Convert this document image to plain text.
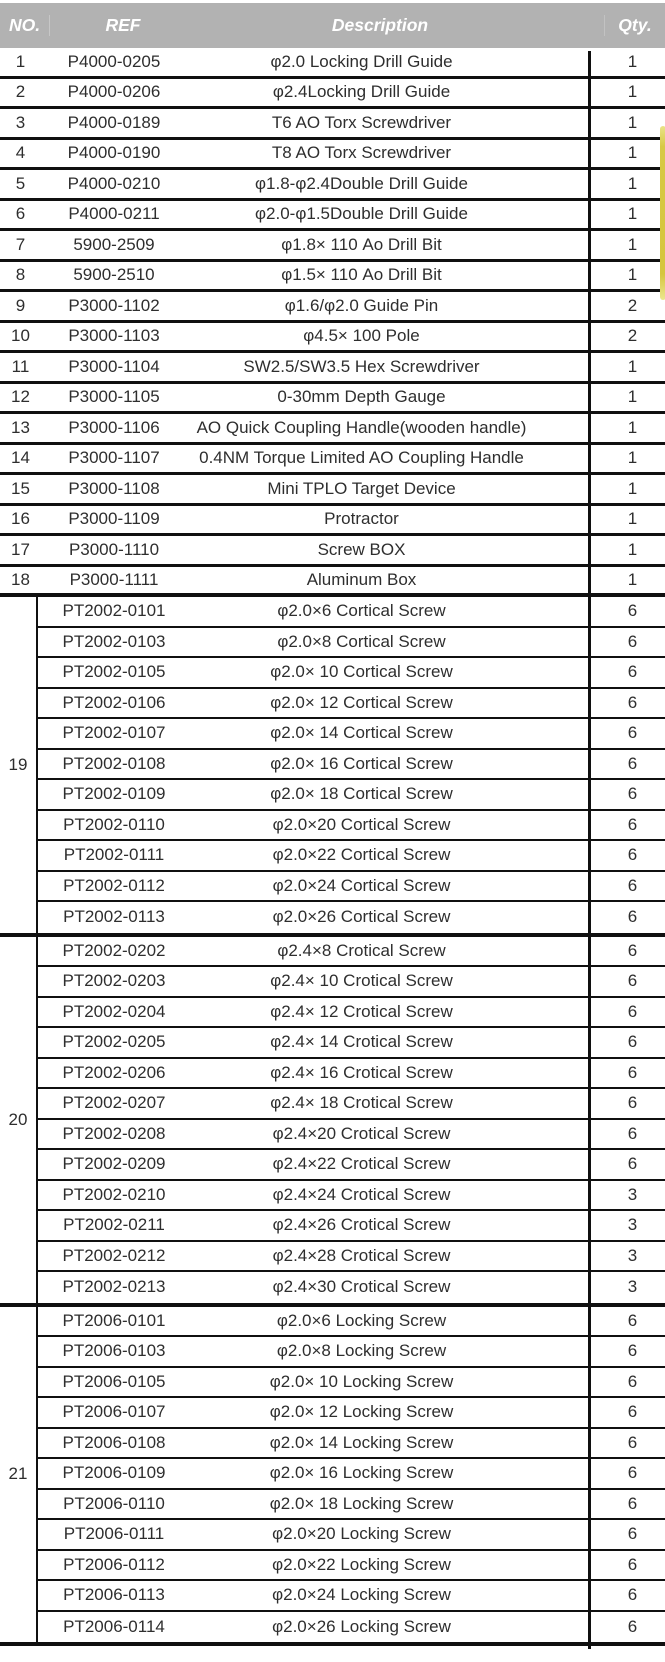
NO.	REF	Description	Qty.
1	P4000-0205	φ2.0 Locking Drill Guide	1
2	P4000-0206	φ2.4Locking Drill Guide	1
3	P4000-0189	T6 AO Torx Screwdriver	1
4	P4000-0190	T8 AO Torx Screwdriver	1
5	P4000-0210	φ1.8-φ2.4Double Drill Guide	1
6	P4000-0211	φ2.0-φ1.5Double Drill Guide	1
7	5900-2509	φ1.8× 110 Ao Drill Bit	1
8	5900-2510	φ1.5× 110 Ao Drill Bit	1
9	P3000-1102	φ1.6/φ2.0 Guide Pin	2
10	P3000-1103	φ4.5× 100 Pole	2
11	P3000-1104	SW2.5/SW3.5 Hex Screwdriver	1
12	P3000-1105	0-30mm Depth Gauge	1
13	P3000-1106	AO Quick Coupling Handle(wooden handle)	1
14	P3000-1107	0.4NM Torque Limited AO Coupling Handle	1
15	P3000-1108	Mini TPLO Target Device	1
16	P3000-1109	Protractor	1
17	P3000-1110	Screw BOX	1
18	P3000-1111	Aluminum Box	1
19
PT2002-0101	φ2.0×6 Cortical Screw	6
PT2002-0103	φ2.0×8 Cortical Screw	6
PT2002-0105	φ2.0× 10 Cortical Screw	6
PT2002-0106	φ2.0× 12 Cortical Screw	6
PT2002-0107	φ2.0× 14 Cortical Screw	6
PT2002-0108	φ2.0× 16 Cortical Screw	6
PT2002-0109	φ2.0× 18 Cortical Screw	6
PT2002-0110	φ2.0×20 Cortical Screw	6
PT2002-0111	φ2.0×22 Cortical Screw	6
PT2002-0112	φ2.0×24 Cortical Screw	6
PT2002-0113	φ2.0×26 Cortical Screw	6
20
PT2002-0202	φ2.4×8 Crotical Screw	6
PT2002-0203	φ2.4× 10 Crotical Screw	6
PT2002-0204	φ2.4× 12 Crotical Screw	6
PT2002-0205	φ2.4× 14 Crotical Screw	6
PT2002-0206	φ2.4× 16 Crotical Screw	6
PT2002-0207	φ2.4× 18 Crotical Screw	6
PT2002-0208	φ2.4×20 Crotical Screw	6
PT2002-0209	φ2.4×22 Crotical Screw	6
PT2002-0210	φ2.4×24 Crotical Screw	3
PT2002-0211	φ2.4×26 Crotical Screw	3
PT2002-0212	φ2.4×28 Crotical Screw	3
PT2002-0213	φ2.4×30 Crotical Screw	3
21
PT2006-0101	φ2.0×6 Locking Screw	6
PT2006-0103	φ2.0×8 Locking Screw	6
PT2006-0105	φ2.0× 10 Locking Screw	6
PT2006-0107	φ2.0× 12 Locking Screw	6
PT2006-0108	φ2.0× 14 Locking Screw	6
PT2006-0109	φ2.0× 16 Locking Screw	6
PT2006-0110	φ2.0× 18 Locking Screw	6
PT2006-0111	φ2.0×20 Locking Screw	6
PT2006-0112	φ2.0×22 Locking Screw	6
PT2006-0113	φ2.0×24 Locking Screw	6
PT2006-0114	φ2.0×26 Locking Screw	6
